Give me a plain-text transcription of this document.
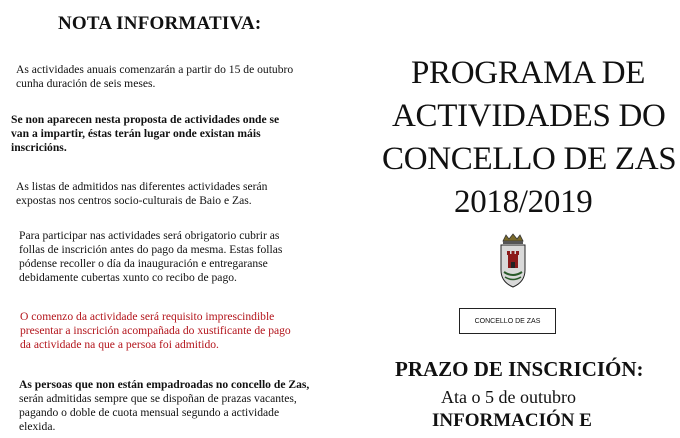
NOTA INFORMATIVA:
As actividades anuais comenzarán a partir do 15 de outubro
cunha duración de seis meses.
Se non aparecen nesta proposta de actividades onde se
van a impartir, éstas terán lugar onde existan máis
inscricións.
As listas de admitidos nas diferentes actividades serán
expostas nos centros socio-culturais de Baio e Zas.
Para participar nas actividades será obrigatorio cubrir as
follas de inscrición antes do pago da mesma. Estas follas
pódense recoller o día da inauguración e entregaranse
debidamente cubertas xunto co recibo de pago.
O comenzo da actividade será requisito imprescindible
presentar a inscrición acompañada do xustificante de pago
da actividade na que a persoa foi admitido.
As persoas que non están empadroadas no concello de Zas,
serán admitidas sempre que se dispoñan de prazas vacantes,
pagando o doble de cuota mensual segundo a actividade
elexida.
PROGRAMA DE
ACTIVIDADES DO
CONCELLO DE ZAS
2018/2019
CONCELLO DE ZAS
PRAZO DE INSCRICIÓN:
Ata o 5 de outubro
INFORMACIÓN E
